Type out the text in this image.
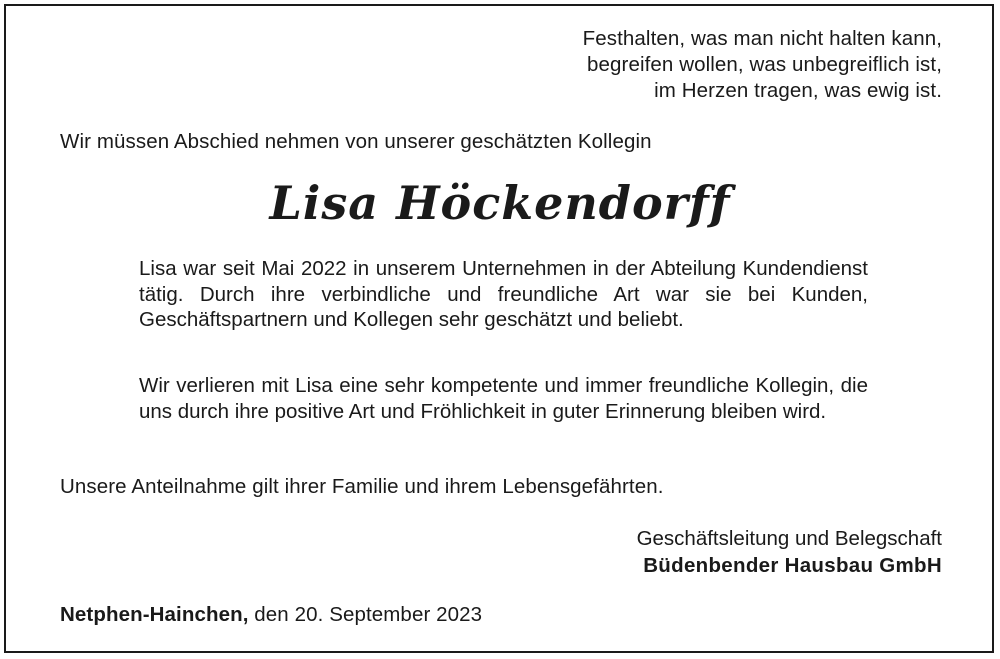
Festhalten, was man nicht halten kann,
begreifen wollen, was unbegreiflich ist,
im Herzen tragen, was ewig ist.
Wir müssen Abschied nehmen von unserer geschätzten Kollegin
Lisa Höckendorff
Lisa war seit Mai 2022 in unserem Unternehmen in der Abteilung Kundendienst tätig. Durch ihre verbindliche und freundliche Art war sie bei Kunden, Geschäftspartnern und Kollegen sehr geschätzt und beliebt.
Wir verlieren mit Lisa eine sehr kompetente und immer freundliche Kollegin, die uns durch ihre positive Art und Fröhlichkeit in guter Erinnerung bleiben wird.
Unsere Anteilnahme gilt ihrer Familie und ihrem Lebensgefährten.
Geschäftsleitung und Belegschaft
Büdenbender Hausbau GmbH
Netphen-Hainchen, den 20. September 2023
